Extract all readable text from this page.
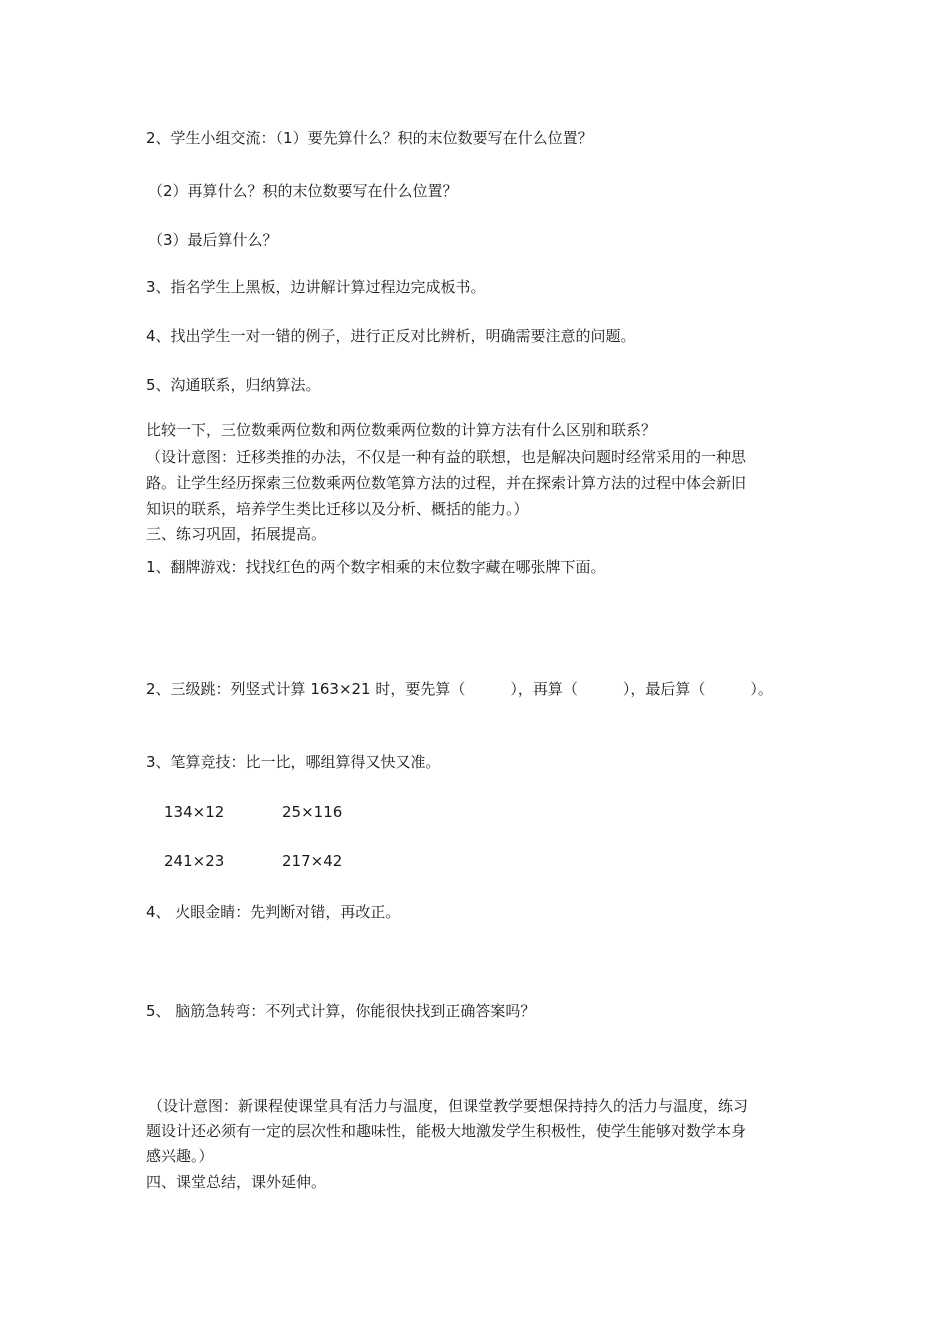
2、学生小组交流：（1）要先算什么？积的末位数要写在什么位置？
（2）再算什么？积的末位数要写在什么位置？
（3）最后算什么？
3、指名学生上黑板，边讲解计算过程边完成板书。
4、找出学生一对一错的例子，进行正反对比辨析，明确需要注意的问题。
5、沟通联系，归纳算法。
比较一下，三位数乘两位数和两位数乘两位数的计算方法有什么区别和联系？
（设计意图：迁移类推的办法，不仅是一种有益的联想，也是解决问题时经常采用的一种思
路。让学生经历探索三位数乘两位数笔算方法的过程，并在探索计算方法的过程中体会新旧
知识的联系，培养学生类比迁移以及分析、概括的能力。）
三、练习巩固，拓展提高。
1、翻牌游戏：找找红色的两个数字相乘的末位数字藏在哪张牌下面。
2、三级跳：列竖式计算 163×21 时，要先算（　　　），再算（　　　），最后算（　　　）。
3、笔算竞技：比一比，哪组算得又快又准。
134×12	25×116
241×23	217×42
4、 火眼金睛：先判断对错，再改正。
5、 脑筋急转弯：不列式计算，你能很快找到正确答案吗？
（设计意图：新课程使课堂具有活力与温度，但课堂教学要想保持持久的活力与温度，练习
题设计还必须有一定的层次性和趣味性，能极大地激发学生积极性，使学生能够对数学本身
感兴趣。）
四、课堂总结，课外延伸。
